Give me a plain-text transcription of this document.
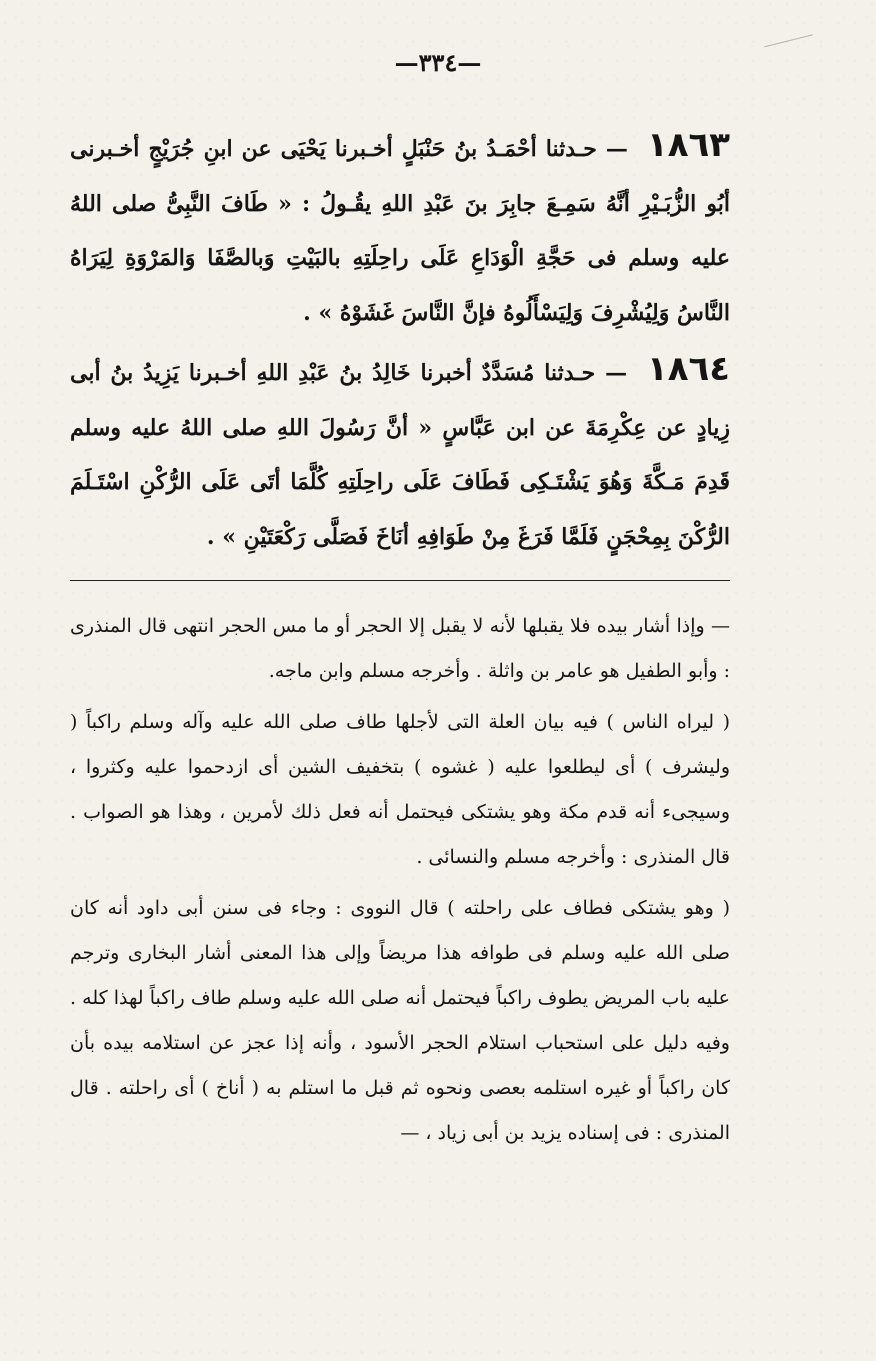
—٣٣٤—

١٨٦٣ — حـدثنا أحْمَـدُ بنُ حَنْبَلٍ أخـبرنا يَحْيَى عن ابنِ جُرَيْجٍ أخـبرنى أبُو الزُّبَـيْرِ أنَّهُ سَمِـعَ جابِرَ بنَ عَبْدِ اللهِ يقُـولُ : « طَافَ النَّبِىُّ صلى اللهُ عليه وسلم فى حَجَّةِ الْوَدَاعِ عَلَى راحِلَتِهِ بالبَيْتِ وَبالصَّفَا وَالمَرْوَةِ لِيَرَاهُ النَّاسُ وَلِيُشْرِفَ وَلِيَسْأَلُوهُ فإنَّ النَّاسَ غَشَوْهُ » .

١٨٦٤ — حـدثنا مُسَدَّدٌ أخبرنا خَالِدُ بنُ عَبْدِ اللهِ أخـبرنا يَزِيدُ بنُ أبى زِيادٍ عن عِكْرِمَةَ عن ابن عَبَّاسٍ « أنَّ رَسُولَ اللهِ صلى اللهُ عليه وسلم قَدِمَ مَـكَّةَ وَهُوَ يَشْتَـكِى فَطَافَ عَلَى راحِلَتِهِ كُلَّمَا أتَى عَلَى الرُّكْنِ اسْتَـلَمَ الرُّكْنَ بِمِحْجَنٍ فَلَمَّا فَرَغَ مِنْ طَوَافِهِ أنَاخَ فَصَلَّى رَكْعَتَيْنِ » .

— وإذا أشار بيده فلا يقبلها لأنه لا يقبل إلا الحجر أو ما مس الحجر انتهى قال المنذرى : وأبو الطفيل هو عامر بن واثلة . وأخرجه مسلم وابن ماجه.

( ليراه الناس ) فيه بيان العلة التى لأجلها طاف صلى الله عليه وآله وسلم راكباً ( وليشرف ) أى ليطلعوا عليه ( غشوه ) بتخفيف الشين أى ازدحموا عليه وكثروا ، وسيجىء أنه قدم مكة وهو يشتكى فيحتمل أنه فعل ذلك لأمرين ، وهذا هو الصواب . قال المنذرى : وأخرجه مسلم والنسائى .

( وهو يشتكى فطاف على راحلته ) قال النووى : وجاء فى سنن أبى داود أنه كان صلى الله عليه وسلم فى طوافه هذا مريضاً وإلى هذا المعنى أشار البخارى وترجم عليه باب المريض يطوف راكباً فيحتمل أنه صلى الله عليه وسلم طاف راكباً لهذا كله . وفيه دليل على استحباب استلام الحجر الأسود ، وأنه إذا عجز عن استلامه بيده بأن كان راكباً أو غيره استلمه بعصى ونحوه ثم قبل ما استلم به ( أناخ ) أى راحلته . قال المنذرى : فى إسناده يزيد بن أبى زياد ، —
